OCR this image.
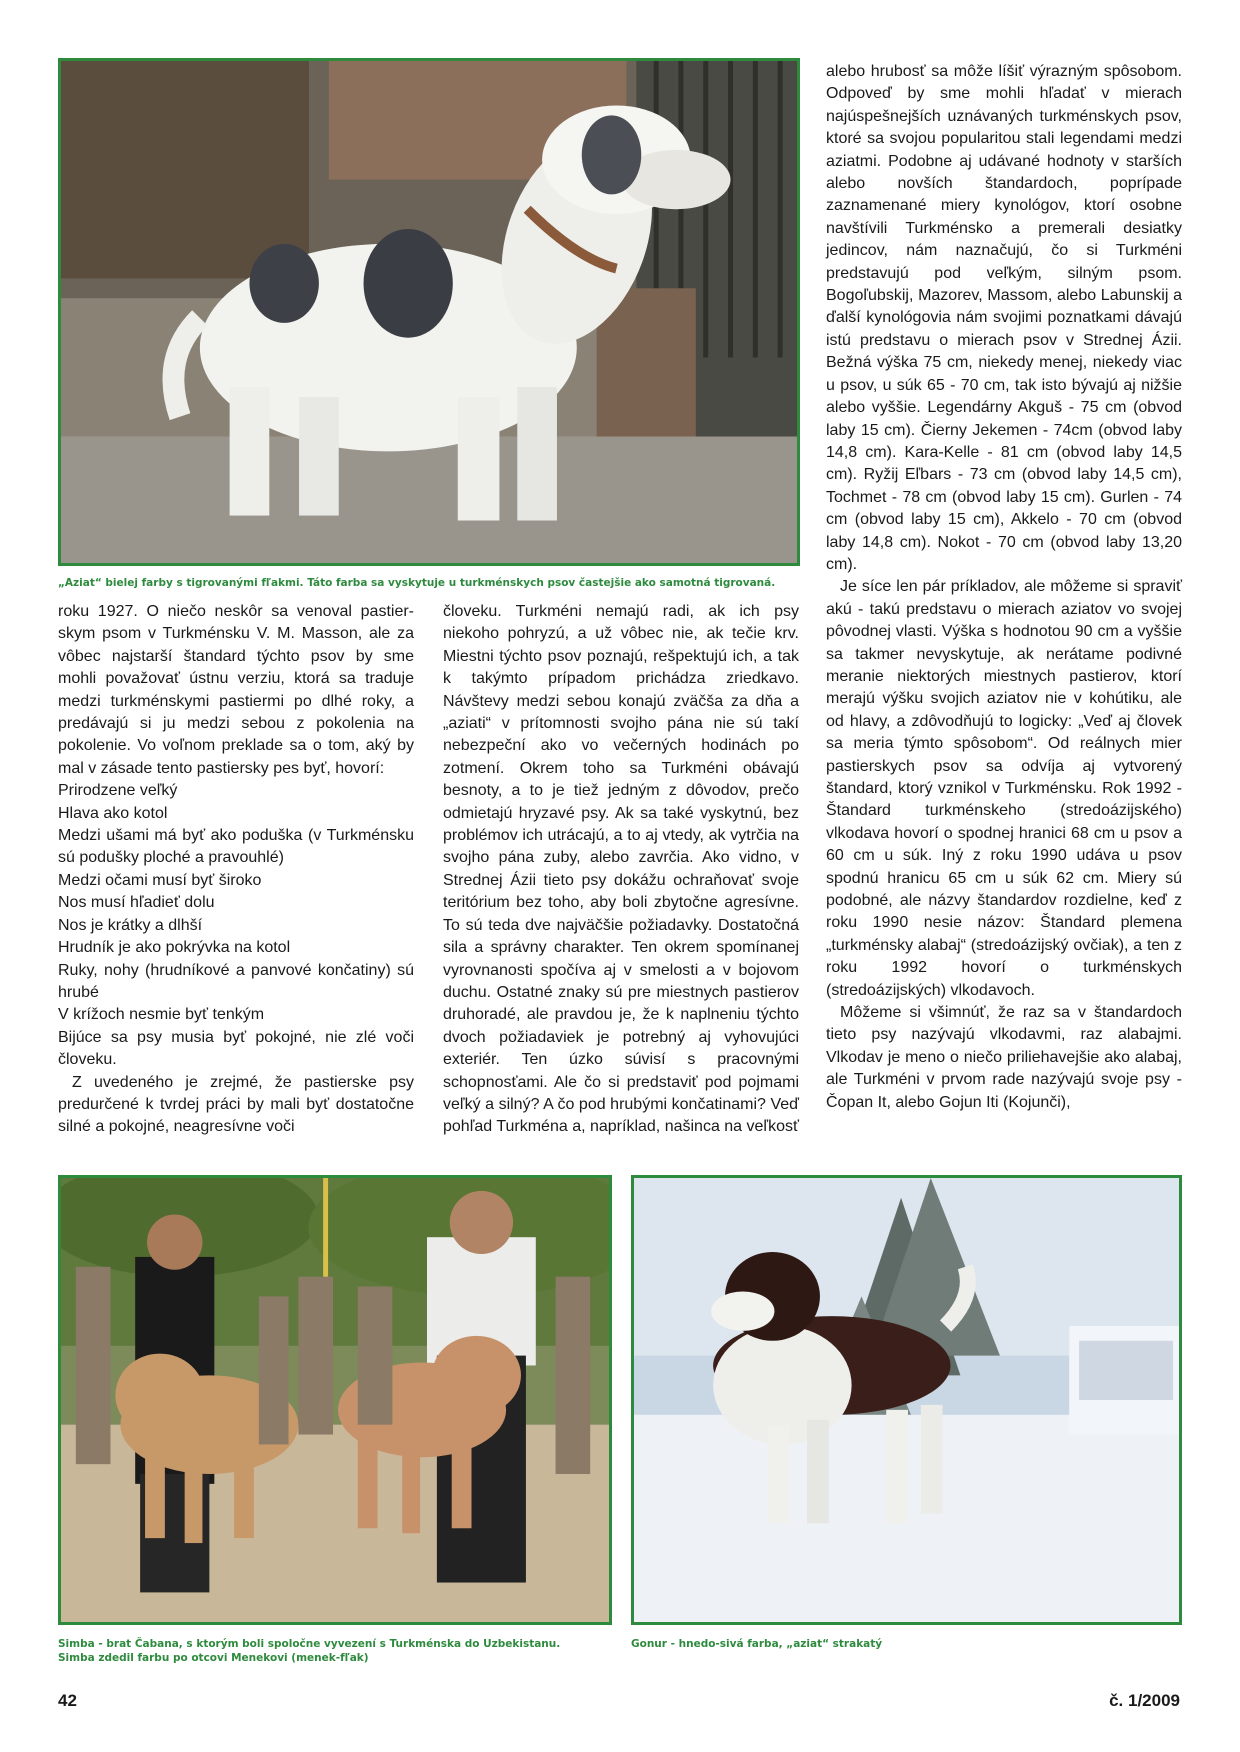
„Aziat“ bielej farby s tigrovanými fľakmi. Táto farba sa vyskytuje u turkménskych psov častejšie ako samotná tigrovaná.

roku 1927. O niečo neskôr sa venoval pastierskym psom v Turkménsku V. M. Masson, ale za vôbec najstarší štandard týchto psov by sme mohli považovať ústnu verziu, ktorá sa traduje medzi turkménskymi pastiermi po dlhé roky, a predávajú si ju medzi sebou z pokolenia na pokolenie. Vo voľnom preklade sa o tom, aký by mal v zásade tento pastiersky pes byť, hovorí:

Prirodzene veľký

Hlava ako kotol

Medzi ušami má byť ako poduška (v Turkménsku sú podušky ploché a pravouhlé)

Medzi očami musí byť široko

Nos musí hľadieť dolu

Nos je krátky a dlhší

Hrudník je ako pokrývka na kotol

Ruky, nohy (hrudníkové a panvové končatiny) sú hrubé

V krížoch nesmie byť tenkým

Bijúce sa psy musia byť pokojné, nie zlé voči človeku.

Z uvedeného je zrejmé, že pastierske psy predurčené k tvrdej práci by mali byť dostatočne silné a pokojné, neagresívne voči

človeku. Turkméni nemajú radi, ak ich psy niekoho pohryzú, a už vôbec nie, ak tečie krv. Miestni týchto psov poznajú, rešpektujú ich, a tak k takýmto prípadom prichádza zriedkavo. Návštevy medzi sebou konajú zväčša za dňa a „aziati“ v prítomnosti svojho pána nie sú takí nebezpeční ako vo večerných hodinách po zotmení. Okrem toho sa Turkméni obávajú besnoty, a to je tiež jedným z dôvodov, prečo odmietajú hryzavé psy. Ak sa také vyskytnú, bez problémov ich utrácajú, a to aj vtedy, ak vytrčia na svojho pána zuby, alebo zavrčia. Ako vidno, v Strednej Ázii tieto psy dokážu ochraňovať svoje teritórium bez toho, aby boli zbytočne agresívne. To sú teda dve najväčšie požiadavky. Dostatočná sila a správny charakter. Ten okrem spomínanej vyrovnanosti spočíva aj v smelosti a v bojovom duchu. Ostatné znaky sú pre miestnych pastierov druhoradé, ale pravdou je, že k naplneniu týchto dvoch požiadaviek je potrebný aj vyhovujúci exteriér. Ten úzko súvisí s pracovnými schopnosťami. Ale čo si predstaviť pod pojmami veľký a silný? A čo pod hrubými končatinami? Veď pohľad Turkména a, napríklad, našinca na veľkosť

alebo hrubosť sa môže líšiť výrazným spôsobom. Odpoveď by sme mohli hľadať v mierach najúspešnejších uznávaných turkménskych psov, ktoré sa svojou popularitou stali legendami medzi aziatmi. Podobne aj udávané hodnoty v starších alebo novších štandardoch, poprípade zaznamenané miery kynológov, ktorí osobne navštívili Turkménsko a premerali desiatky jedincov, nám naznačujú, čo si Turkméni predstavujú pod veľkým, silným psom. Bogoľubskij, Mazorev, Massom, alebo Labunskij a ďalší kynológovia nám svojimi poznatkami dávajú istú predstavu o mierach psov v Strednej Ázii. Bežná výška 75 cm, niekedy menej, niekedy viac u psov, u súk 65 - 70 cm, tak isto bývajú aj nižšie alebo vyššie. Legendárny Akguš - 75 cm (obvod laby 15 cm). Čierny Jekemen - 74cm (obvod laby 14,8 cm). Kara-Kelle - 81 cm (obvod laby 14,5 cm). Ryžij Eľbars - 73 cm (obvod laby 14,5 cm), Tochmet - 78 cm (obvod laby 15 cm). Gurlen - 74 cm (obvod laby 15 cm), Akkelo - 70 cm (obvod laby 14,8 cm). Nokot - 70 cm (obvod laby 13,20 cm).

Je síce len pár príkladov, ale môžeme si spraviť akú - takú predstavu o mierach aziatov vo svojej pôvodnej vlasti. Výška s hodnotou 90 cm a vyššie sa takmer nevyskytuje, ak nerátame podivné meranie niektorých miestnych pastierov, ktorí merajú výšku svojich aziatov nie v kohútiku, ale od hlavy, a zdôvodňujú to logicky: „Veď aj človek sa meria týmto spôsobom“. Od reálnych mier pastierskych psov sa odvíja aj vytvorený štandard, ktorý vznikol v Turkménsku. Rok 1992 - Štandard turkménskeho (stredoázijského) vlkodava hovorí o spodnej hranici 68 cm u psov a 60 cm u súk. Iný z roku 1990 udáva u psov spodnú hranicu 65 cm u súk 62 cm. Miery sú podobné, ale názvy štandardov rozdielne, keď z roku 1990 nesie názov: Štandard plemena „turkménsky alabaj“ (stredoázijský ovčiak), a ten z roku 1992 hovorí o turkménskych (stredoázijských) vlkodavoch.

Môžeme si všimnúť, že raz sa v štandardoch tieto psy nazývajú vlkodavmi, raz alabajmi. Vlkodav je meno o niečo priliehavejšie ako alabaj, ale Turkméni v prvom rade nazývajú svoje psy - Čopan It, alebo Gojun Iti (Kojunči),

Simba - brat Čabana, s ktorým boli spoločne vyvezení s Turkménska do Uzbekistanu.
Simba zdedil farbu po otcovi Menekovi (menek-fľak)
Gonur - hnedo-sivá farba, „aziat“ strakatý
42	č. 1/2009
